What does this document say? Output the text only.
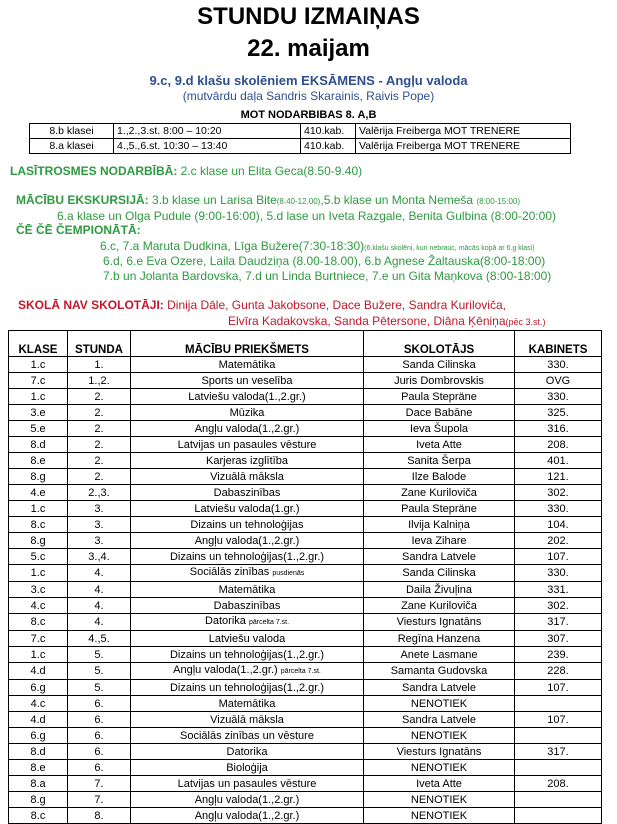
STUNDU IZMAIŅAS
22. maijam
9.c, 9.d klašu skolēniem EKSĀMENS - Angļu valoda
(mutvārdu daļa Sandris Skarainis, Raivis Pope)
MOT NODARBIBAS 8. A,B
8.b klasei	1.,2.,3.st. 8:00 – 10:20	410.kab.	Valērija Freiberga MOT TRENERE
8.a klasei	4.,5.,6.st. 10:30 – 13:40	410.kab.	Valērija Freiberga MOT TRENERE
LASĪTROSMES NODARBĪBĀ: 2.c klase un Elita Geca(8.50-9.40)
MĀCĪBU EKSKURSIJĀ: 3.b klase un Larisa Bite(8.40-12.00),5.b klase un Monta Nemeša (8:00-15:00)
6.a klase un Olga Pudule (9:00-16:00), 5.d lase un Iveta Razgale, Benita Gulbina (8:00-20:00)
ČĒ ČĒ ČEMPIONĀTĀ:
6.c, 7.a Maruta Dudkina, Līga Bužere(7:30-18:30)(6.klašu skolēni, kuri nebrauc, mācās kopā ar 6.g klasi)
6.d, 6.e Eva Ozere, Laila Daudziņa (8.00-18.00), 6.b Agnese Žaltauska(8:00-18:00)
7.b un Jolanta Bardovska, 7.d un Linda Burtniece, 7.e un Gita Maņkova (8:00-18:00)
SKOLĀ NAV SKOLOTĀJI: Dinija Dāle, Gunta Jakobsone, Dace Bužere, Sandra Kuriloviča,
Elvīra Kadakovska, Sanda Pētersone, Diāna Ķēniņa(pēc 3.st.)
KLASE	STUNDA	MĀCĪBU PRIEKŠMETS	SKOLOTĀJS	KABINETS
1.c	1.	Matemātika	Sanda Cilinska	330.
7.c	1.,2.	Sports un veselība	Juris Dombrovskis	OVG
1.c	2.	Latviešu valoda(1.,2.gr.)	Paula Stepräne	330.
3.e	2.	Mūzika	Dace Babāne	325.
5.e	2.	Angļu valoda(1.,2.gr.)	Ieva Šupola	316.
8.d	2.	Latvijas un pasaules vēsture	Iveta Atte	208.
8.e	2.	Karjeras izglītība	Sanita Šerpa	401.
8.g	2.	Vizuālā māksla	Ilze Balode	121.
4.e	2.,3.	Dabaszinības	Zane Kuriloviča	302.
1.c	3.	Latviešu valoda(1.gr.)	Paula Stepräne	330.
8.c	3.	Dizains un tehnoloģijas	Ilvija Kalniņa	104.
8.g	3.	Angļu valoda(1.,2.gr.)	Ieva Zihare	202.
5.c	3.,4.	Dizains un tehnoloģijas(1.,2.gr.)	Sandra Latvele	107.
1.c	4.	Sociālās zinības pusdienās	Sanda Cilinska	330.
3.c	4.	Matemātika	Daila Živuļina	331.
4.c	4.	Dabaszinības	Zane Kuriloviča	302.
8.c	4.	Datorika pārcelta 7.st.	Viesturs Ignatāns	317.
7.c	4.,5.	Latviešu valoda	Regīna Hanzena	307.
1.c	5.	Dizains un tehnoloģijas(1.,2.gr.)	Anete Lasmane	239.
4.d	5.	Angļu valoda(1.,2.gr.) pārcelta 7.st.	Samanta Gudovska	228.
6.g	5.	Dizains un tehnoloģijas(1.,2.gr.)	Sandra Latvele	107.
4.c	6.	Matemātika	NENOTIEK	
4.d	6.	Vizuālā māksla	Sandra Latvele	107.
6.g	6.	Sociālās zinības un vēsture	NENOTIEK	
8.d	6.	Datorika	Viesturs Ignatāns	317.
8.e	6.	Bioloģija	NENOTIEK	
8.a	7.	Latvijas un pasaules vēsture	Iveta Atte	208.
8.g	7.	Angļu valoda(1.,2.gr.)	NENOTIEK	
8.c	8.	Angļu valoda(1.,2.gr.)	NENOTIEK	
